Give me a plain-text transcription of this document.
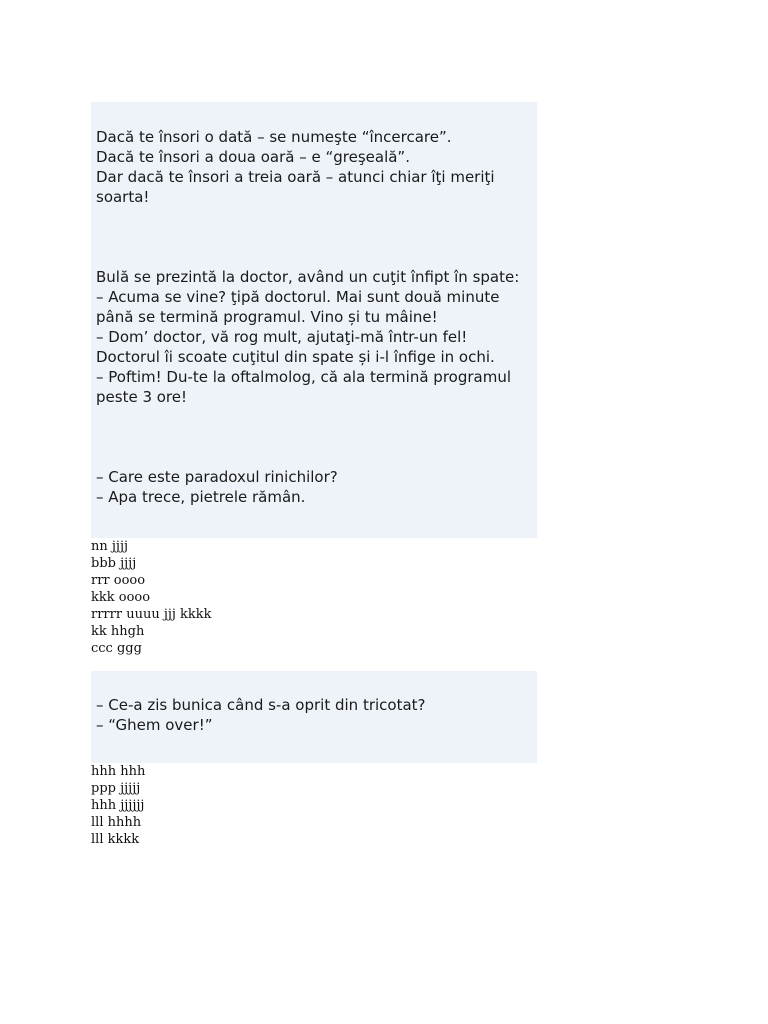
Dacă te însori o dată – se numeşte “încercare”.

Dacă te însori a doua oară – e “greşeală”.

Dar dacă te însori a treia oară – atunci chiar îţi meriţi soarta!

Bulă se prezintă la doctor, având un cuţit înfipt în spate:

– Acuma se vine? ţipă doctorul. Mai sunt două minute până se termină programul. Vino și tu mâine!

– Dom’ doctor, vă rog mult, ajutaţi-mă într-un fel!

Doctorul îi scoate cuţitul din spate și i-l înfige in ochi.

– Poftim! Du-te la oftalmolog, că ala termină programul peste 3 ore!

– Care este paradoxul rinichilor?

– Apa trece, pietrele rămân.

nn jjjj
bbb jjjj
rrr oooo
kkk oooo
rrrrr uuuu jjj kkkk
kk hhgh
ccc ggg

– Ce-a zis bunica când s-a oprit din tricotat?

– “Ghem over!”

hhh hhh
ppp jjjjj
hhh jjjjjj
lll hhhh
lll kkkk
